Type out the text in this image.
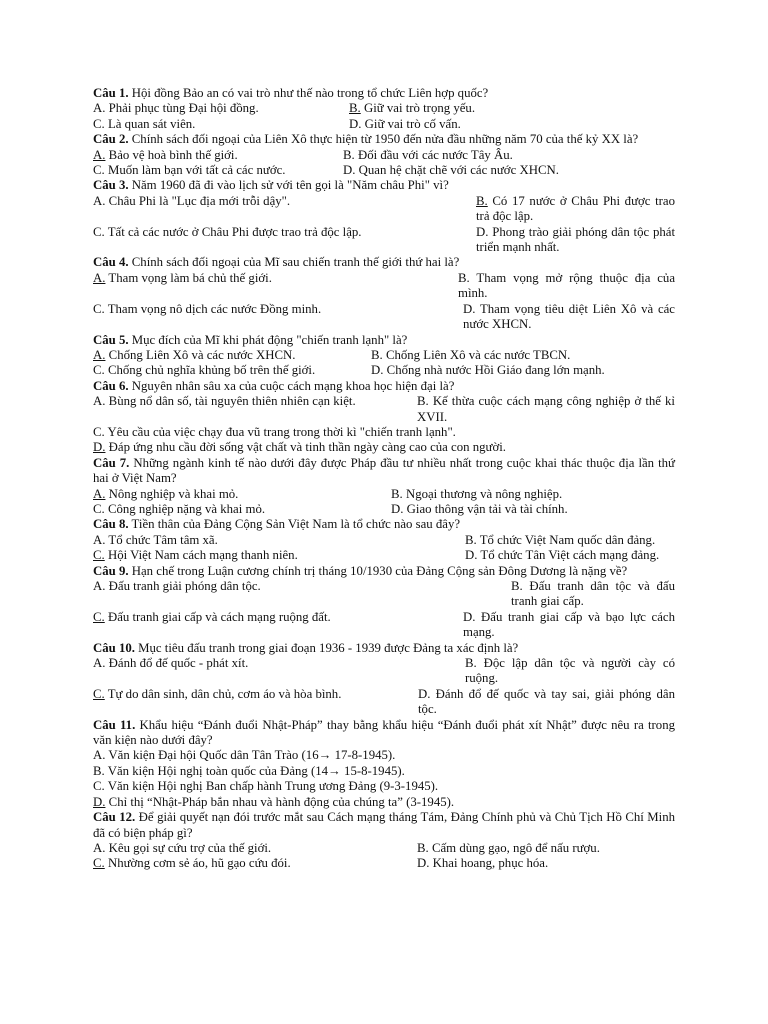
Câu 1. Hội đồng Bảo an có vai trò như thế nào trong tổ chức Liên hợp quốc?
A. Phải phục tùng Đại hội đồng.	B. Giữ vai trò trọng yếu.
C. Là quan sát viên.	D. Giữ vai trò cố vấn.
Câu 2. Chính sách đối ngoại của Liên Xô thực hiện từ 1950 đến nửa đầu những năm 70 của thế kỷ XX là?
A. Bảo vệ hoà bình thế giới.	B. Đối đầu với các nước Tây Âu.
C. Muốn làm bạn với tất cả các nước.	D. Quan hệ chặt chẽ với các nước XHCN.
Câu 3. Năm 1960 đã đi vào lịch sử với tên gọi là "Năm châu Phi" vì?
A. Châu Phi là "Lục địa mới trỗi dậy".	B. Có 17 nước ở Châu Phi được trao trả độc lập.
C. Tất cả các nước ở Châu Phi được trao trả độc lập.	D. Phong trào giải phóng dân tộc phát triển mạnh nhất.
Câu 4. Chính sách đối ngoại của Mĩ sau chiến tranh thế giới thứ hai là?
A. Tham vọng làm bá chủ thế giới.	B. Tham vọng mở rộng thuộc địa của mình.
C. Tham vọng nô dịch các nước Đồng minh.	D. Tham vọng tiêu diệt Liên Xô và các nước XHCN.
Câu 5. Mục đích của Mĩ khi phát động "chiến tranh lạnh" là?
A. Chống Liên Xô và các nước XHCN.	B. Chống Liên Xô và các nước TBCN.
C. Chống chủ nghĩa khủng bố trên thế giới.	D. Chống nhà nước Hồi Giáo đang lớn mạnh.
Câu 6. Nguyên nhân sâu xa của cuộc cách mạng khoa học hiện đại là?
A. Bùng nổ dân số, tài nguyên thiên nhiên cạn kiệt.	B. Kế thừa cuộc cách mạng công nghiệp ở thế kỉ XVII.
C. Yêu cầu của việc chạy đua vũ trang trong thời kì "chiến tranh lạnh".
D. Đáp ứng nhu cầu đời sống vật chất và tinh thần ngày càng cao của con người.
Câu 7. Những ngành kinh tế nào dưới đây được Pháp đầu tư nhiều nhất trong cuộc khai thác thuộc địa lần thứ hai ở Việt Nam?
A. Nông nghiệp và khai mỏ.	B. Ngoại thương và nông nghiệp.
C. Công nghiệp nặng và khai mỏ.	D. Giao thông vận tải và tài chính.
Câu 8. Tiền thân của Đảng Cộng Sản Việt Nam là tổ chức nào sau đây?
A. Tổ chức Tâm tâm xã.	B. Tổ chức Việt Nam quốc dân đảng.
C. Hội Việt Nam cách mạng thanh niên.	D. Tổ chức Tân Việt cách mạng đảng.
Câu 9. Hạn chế trong Luận cương chính trị tháng 10/1930 của Đảng Cộng sản Đông Dương là nặng về?
A. Đấu tranh giải phóng dân tộc.	B. Đấu tranh dân tộc và đấu tranh giai cấp.
C. Đấu tranh giai cấp và cách mạng ruộng đất.	D. Đấu tranh giai cấp và bạo lực cách mạng.
Câu 10. Mục tiêu đấu tranh trong giai đoạn 1936 - 1939 được Đảng ta xác định là?
A. Đánh đổ đế quốc - phát xít.	B. Độc lập dân tộc và người cày có ruộng.
C. Tự do dân sinh, dân chủ, cơm áo và hòa bình.	D. Đánh đổ đế quốc và tay sai, giải phóng dân tộc.
Câu 11. Khẩu hiệu “Đánh đuổi Nhật-Pháp” thay bằng khẩu hiệu “Đánh đuổi phát xít Nhật” được nêu ra trong văn kiện nào dưới đây?
A. Văn kiện Đại hội Quốc dân Tân Trào (16→ 17-8-1945).
B. Văn kiện Hội nghị toàn quốc của Đảng (14→ 15-8-1945).
C. Văn kiện Hội nghị Ban chấp hành Trung ương Đảng (9-3-1945).
D. Chỉ thị “Nhật-Pháp bắn nhau và hành động của chúng ta” (3-1945).
Câu 12. Để giải quyết nạn đói trước mắt sau Cách mạng tháng Tám, Đảng Chính phủ và Chủ Tịch Hồ Chí Minh đã có biện pháp gì?
A. Kêu gọi sự cứu trợ của thế giới.	B. Cấm dùng gạo, ngô để nấu rượu.
C. Nhường cơm sẻ áo, hũ gạo cứu đói.	D. Khai hoang, phục hóa.
